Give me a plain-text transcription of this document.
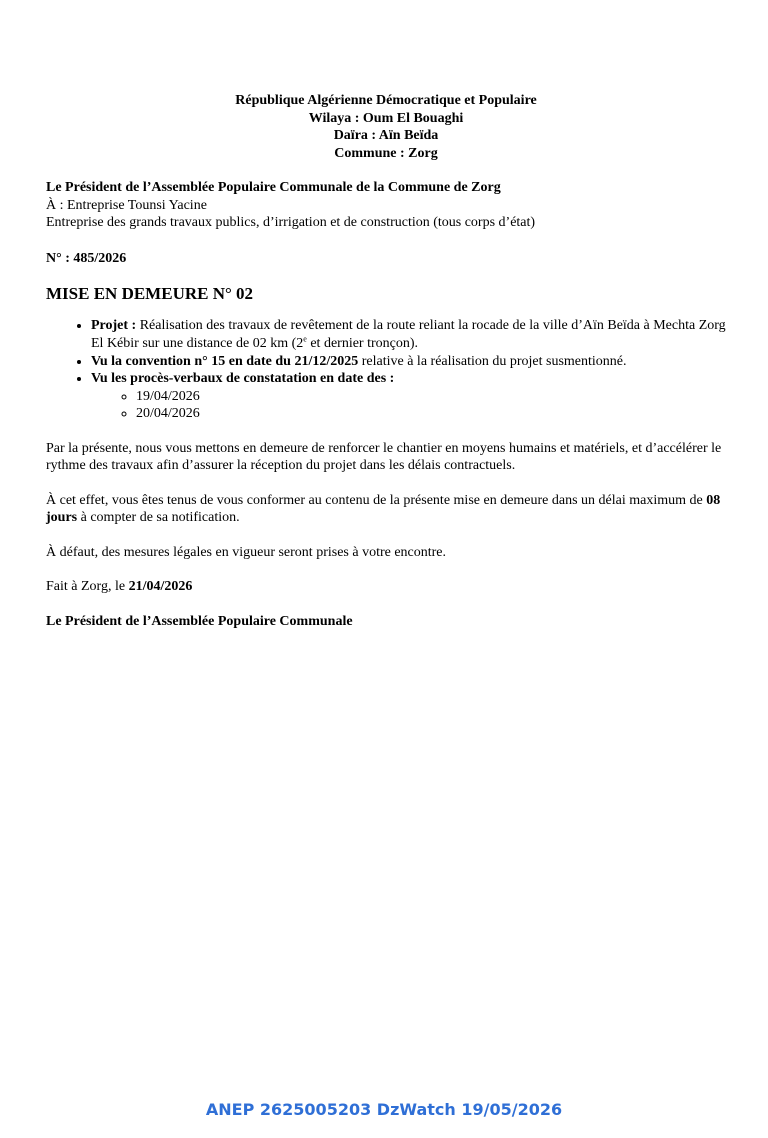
République Algérienne Démocratique et Populaire
Wilaya : Oum El Bouaghi
Daïra : Aïn Beïda
Commune : Zorg

Le Président de l’Assemblée Populaire Communale de la Commune de Zorg

À : Entreprise Tounsi Yacine

Entreprise des grands travaux publics, d’irrigation et de construction (tous corps d’état)

N° : 485/2026

MISE EN DEMEURE N° 02

• Projet : Réalisation des travaux de revêtement de la route reliant la rocade de la ville d’Aïn Beïda à Mechta Zorg El Kébir sur une distance de 02 km (2e et dernier tronçon).
• Vu la convention n° 15 en date du 21/12/2025 relative à la réalisation du projet susmentionné.
• Vu les procès-verbaux de constatation en date des :
◦ 19/04/2026
◦ 20/04/2026

Par la présente, nous vous mettons en demeure de renforcer le chantier en moyens humains et matériels, et d’accélérer le rythme des travaux afin d’assurer la réception du projet dans les délais contractuels.

À cet effet, vous êtes tenus de vous conformer au contenu de la présente mise en demeure dans un délai maximum de 08 jours à compter de sa notification.

À défaut, des mesures légales en vigueur seront prises à votre encontre.

Fait à Zorg, le 21/04/2026

Le Président de l’Assemblée Populaire Communale

ANEP 2625005203 DzWatch 19/05/2026
